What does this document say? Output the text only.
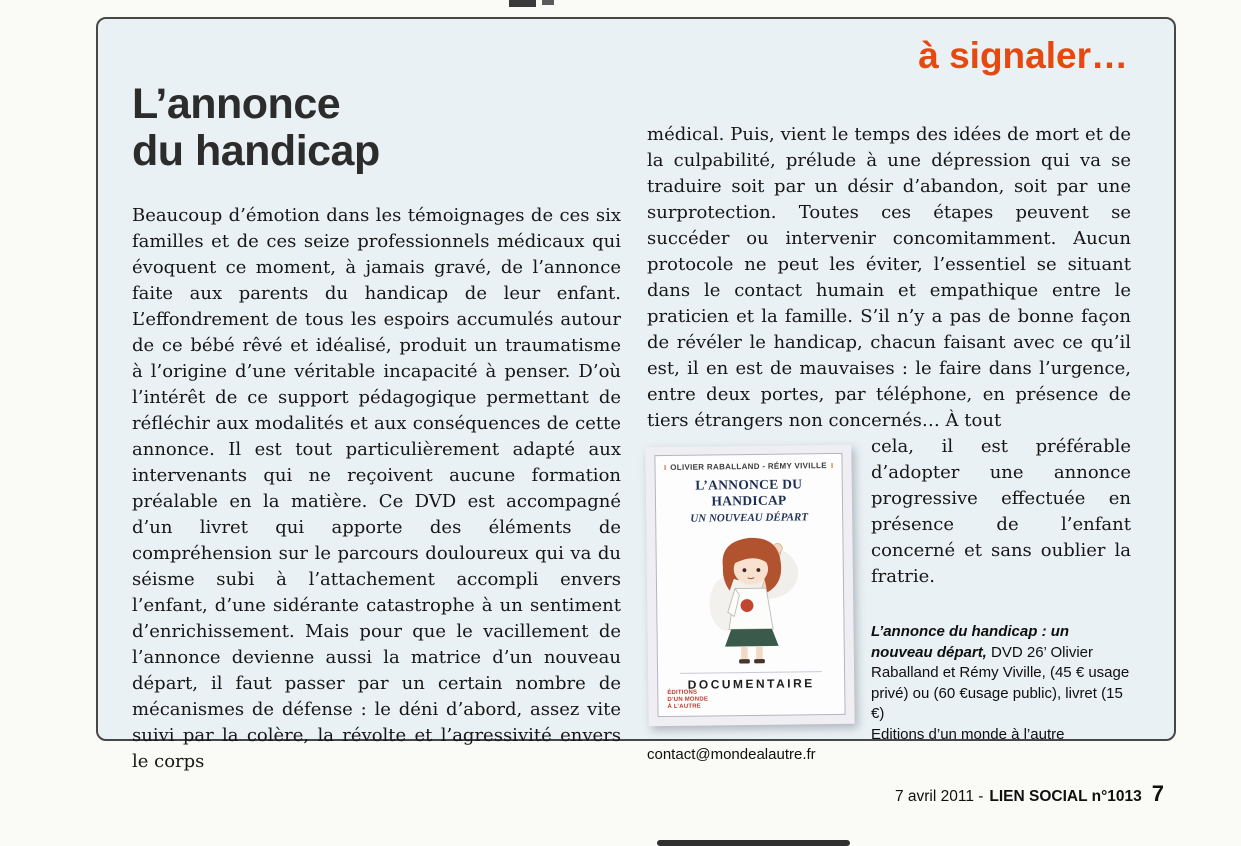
à signaler…
L’annonce
du handicap

Beaucoup d’émotion dans les témoignages de ces six familles et de ces seize professionnels médicaux qui évoquent ce moment, à jamais gravé, de l’annonce faite aux parents du handicap de leur enfant. L’effondrement de tous les espoirs accumulés autour de ce bébé rêvé et idéalisé, produit un traumatisme à l’origine d’une véritable incapacité à penser. D’où l’intérêt de ce support pédagogique permettant de réfléchir aux modalités et aux conséquences de cette annonce. Il est tout particulièrement adapté aux intervenants qui ne reçoivent aucune formation préalable en la matière. Ce DVD est accompagné d’un livret qui apporte des éléments de compréhension sur le parcours douloureux qui va du séisme subi à l’attachement accompli envers l’enfant, d’une sidérante catastrophe à un sentiment d’enrichissement. Mais pour que le vacillement de l’annonce devienne aussi la matrice d’un nouveau départ, il faut passer par un certain nombre de mécanismes de défense : le déni d’abord, assez vite suivi par la colère, la révolte et l’agressivité envers le corps

médical. Puis, vient le temps des idées de mort et de la culpabilité, prélude à une dépression qui va se traduire soit par un désir d’abandon, soit par une surprotection. Toutes ces étapes peuvent se succéder ou intervenir concomitamment. Aucun protocole ne peut les éviter, l’essentiel se situant dans le contact humain et empathique entre le praticien et la famille. S’il n’y a pas de bonne façon de révéler le handicap, chacun faisant avec ce qu’il est, il en est de mauvaises : le faire dans l’urgence, entre deux portes, par téléphone, en présence de tiers étrangers non concernés… À tout

OLIVIER RABALLAND - RÉMY VIVILLE
L’ANNONCE DU HANDICAP
UN NOUVEAU DÉPART
DOCUMENTAIRE
ÉDITIONS
D’UN MONDE
À L’AUTRE

cela, il est préférable d’adopter une annonce progressive effectuée en présence de l’enfant concerné et sans oublier la fratrie.

L’annonce du handicap : un nouveau départ, DVD 26’ Olivier Raballand et Rémy Viville, (45 € usage privé) ou (60 €usage public), livret (15 €)
Editions d’un monde à l’autre
contact@mondealautre.fr
7 avril 2011 - LIEN SOCIAL n°1013 7
